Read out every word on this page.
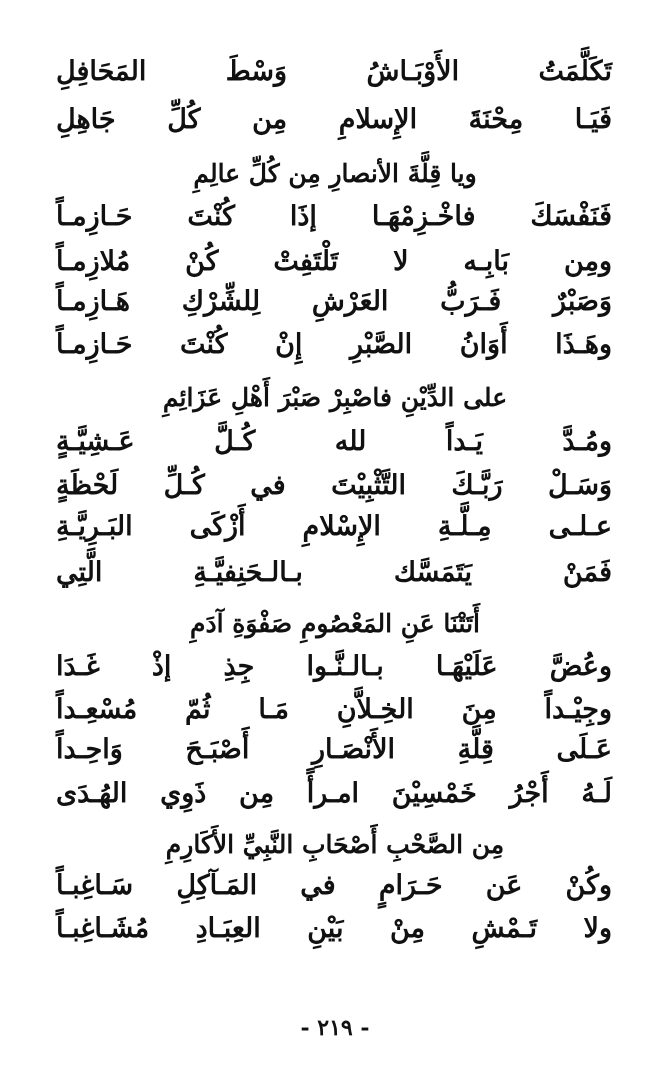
تَكَلَّمَتُ الأَوْبَـاشُ وَسْطَ المَحَافِلِ
فَيَـا مِحْنَةَ الإِسلامِ مِن كُلِّ جَاهِلِ
ويا قِلَّةَ الأنصارِ مِن كُلِّ عالِمِ
فَنَفْسَكَ فاخْـزِمْهَـا إذَا كُنْتَ حَـازِمـاً
ومِن بَابِـه لا تَلْتَفِتْ كُنْ مُلازِمـاً
وَصَبْرٌ فَـرَبُّ العَرْشِ لِلشِّرْكِ هَـازِمـاً
وهَـذَا أَوَانُ الصَّبْرِ إِنْ كُنْتَ حَـازِمـاً
على الدِّيْنِ فاصْبِرْ صَبْرَ أَهْلِ عَزَائِمِ
ومُـدَّ يَـداً لله كُـلَّ عَـشِيَّـةٍ
وَسَـلْ رَبَّـكَ التَّثْبِيْتَ في كُـلِّ لَحْظَةٍ
عـلـى مِـلَّـةِ الإِسْلامِ أَزْكَى البَـرِيَّـةِ
فَمَنْ يَتَمَسَّك بـالـحَنِفيَّـةِ الَّتِي
أَتَتْنَا عَنِ المَعْصُومِ صَفْوَةِ آدَمِ
وعُضَّ عَلَيْهَـا بـالـنَّـوا جِذِ إذْ غَـدَا
وجِيْـداً مِنَ الخِـلاَّنِ مَـا ثُمّ مُسْعِـداً
عَـلَى قِلَّةِ الأَنْصَـارِ أَصْبَـحَ وَاحِـداً
لَـهُ أَجْرُ خَمْسِيْنَ امـرأً مِن ذَوِي الهُـدَى
مِن الصَّحْبِ أَصْحَابِ النَّبِيِّ الأَكَارِمِ
وكُنْ عَن حَـرَامٍ في المَـآكِلِ سَـاغِبـاً
ولا تَـمْشِ مِنْ بَيْنِ العِبَـادِ مُشَـاغِبـاً
- ٢١٩ -
